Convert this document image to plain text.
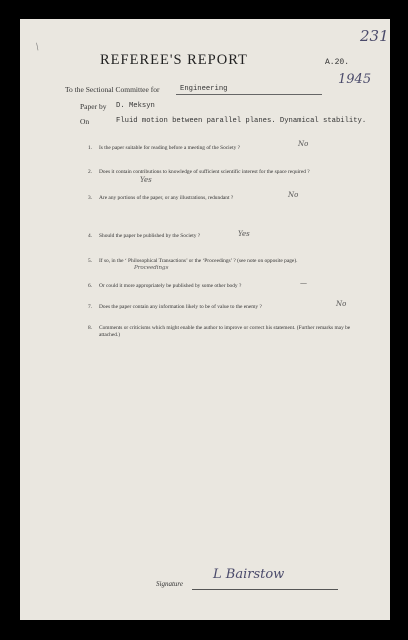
231
/
REFEREE'S REPORT	A.20.
1945
To the Sectional Committee for	Engineering
Paper by D. Meksyn
On	Fluid motion between parallel planes. Dynamical stability.
1. Is the paper suitable for reading before a meeting of the Society ?	No
2. Does it contain contributions to knowledge of sufficient scientific interest for the space required ?
Yes
3. Are any portions of the paper, or any illustrations, redundant ?	No
4. Should the paper be published by the Society ?	Yes
5. If so, in the ‘ Philosophical Transactions’ or the ‘Proceedings’ ? (see note on opposite page).
Proceedings
6. Or could it more appropriately be published by some other body ?	—
7. Does the paper contain any information likely to be of value to the enemy ?	No
8. Comments or criticisms which might enable the author to improve or correct his statement. (Further remarks may be attached.)
Signature
L Bairstow
